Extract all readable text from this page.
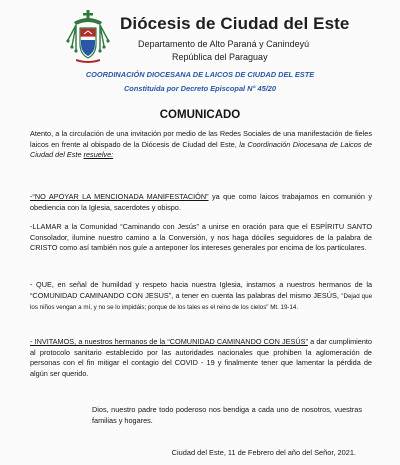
Diócesis de Ciudad del Este
Departamento de Alto Paraná y Canindeyú
República del Paraguay
COORDINACIÓN DIOCESANA DE LAICOS DE CIUDAD DEL ESTE
Constituida por Decreto Episcopal N° 45/20
COMUNICADO
Atento, a la circulación de una invitación por medio de las Redes Sociales de una manifestación de fieles laicos en frente al obispado de la Diócesis de Ciudad del Este, la Coordinación Diocesana de Laicos de Ciudad del Este resuelve:
-“NO APOYAR LA MENCIONADA MANIFESTACIÓN” ya que como laicos trabajamos en comunión y obediencia con la Iglesia, sacerdotes y obispo.
-LLAMAR a la Comunidad “Caminando con Jesús” a unirse en oración para que el ESPÍRITU SANTO Consolador, ilumine nuestro camino a la Conversión, y nos haga dóciles seguidores de la palabra de CRISTO como así también nos guíe a anteponer los intereses generales por encima de los particulares.
- QUE, en señal de humildad y respeto hacia nuestra Iglesia, instamos a nuestros hermanos de la “COMUNIDAD CAMINANDO CON JESUS”, a tener en cuenta las palabras del mismo JESÚS, "Dejad que los niños vengan a mí, y no se lo impidáis; porque de los tales es el reino de los cielos" Mt. 19-14.
- INVITAMOS, a nuestros hermanos de la “COMUNIDAD CAMINANDO CON JESÚS” a dar cumplimiento al protocolo sanitario establecido por las autoridades nacionales que prohiben la aglomeración de personas con el fin mitigar el contagio del COVID - 19 y finalmente tener que lamentar la pérdida de algún ser querido.
Dios, nuestro padre todo poderoso nos bendiga a cada uno de nosotros, vuestras familias y hogares.
Ciudad del Este, 11 de Febrero del año del Señor, 2021.
